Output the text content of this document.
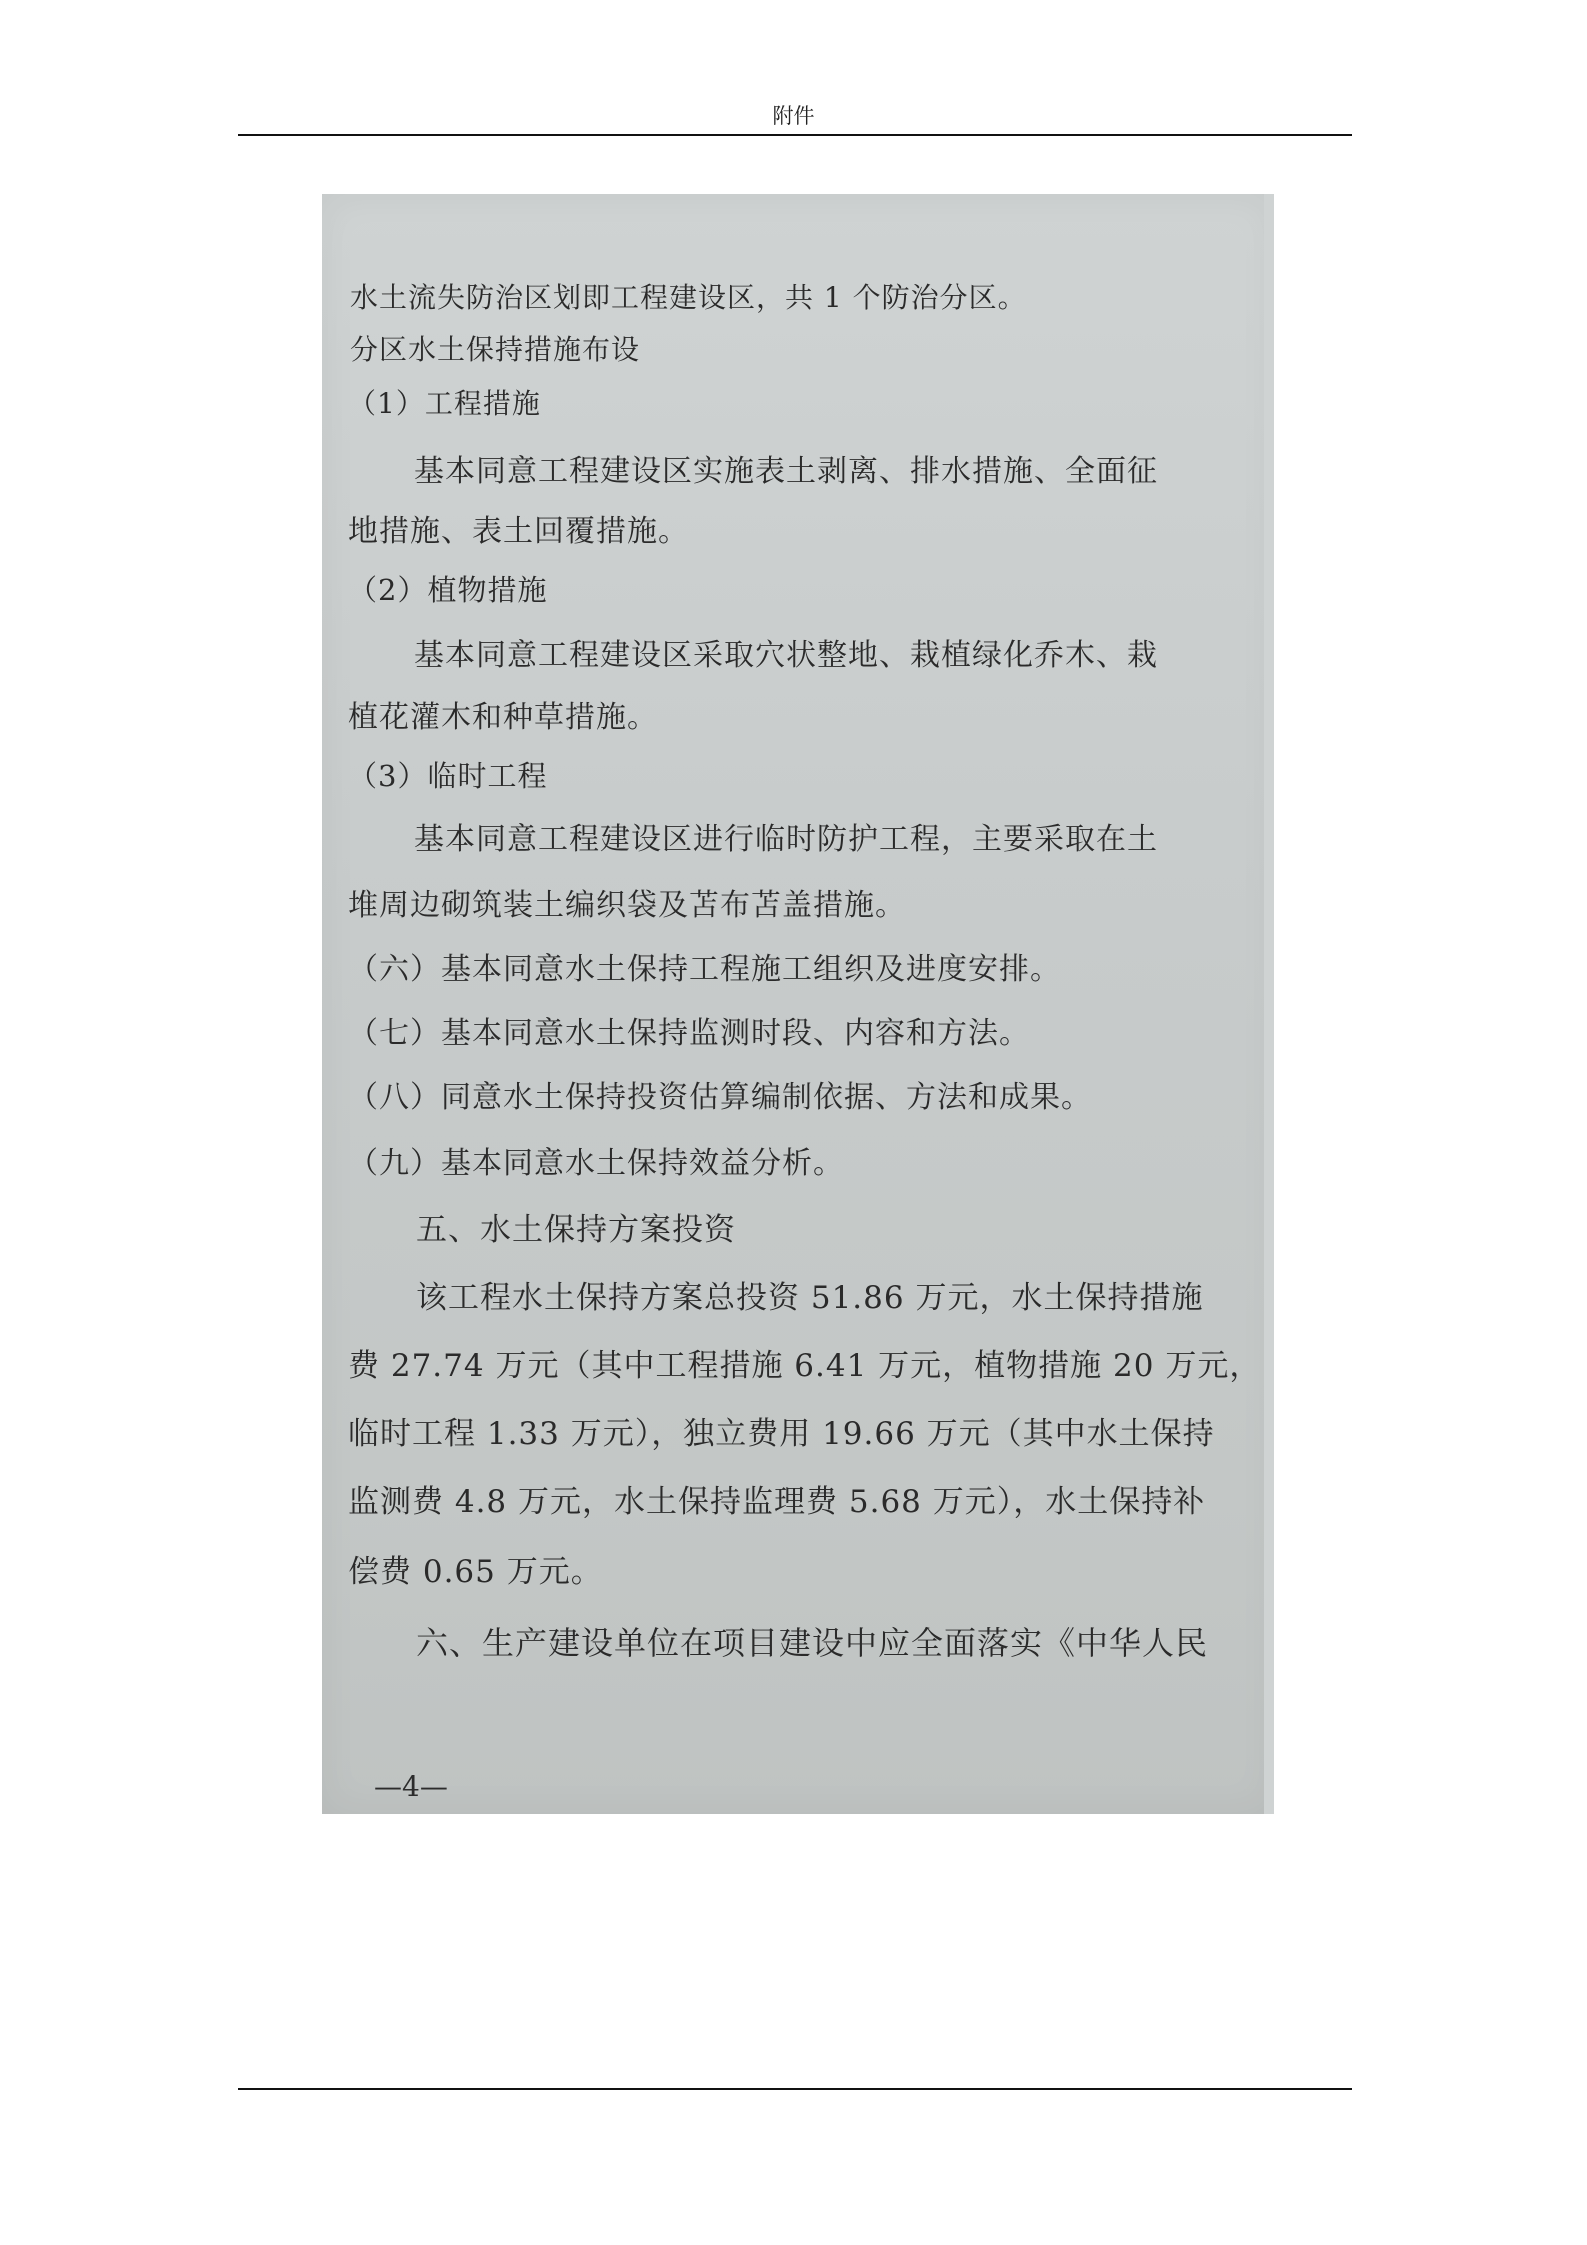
附件
水土流失防治区划即工程建设区，共 1 个防治分区。
分区水土保持措施布设
（1）工程措施
基本同意工程建设区实施表土剥离、排水措施、全面征
地措施、表土回覆措施。
（2）植物措施
基本同意工程建设区采取穴状整地、栽植绿化乔木、栽
植花灌木和种草措施。
（3）临时工程
基本同意工程建设区进行临时防护工程，主要采取在土
堆周边砌筑装土编织袋及苫布苫盖措施。
（六）基本同意水土保持工程施工组织及进度安排。
（七）基本同意水土保持监测时段、内容和方法。
（八）同意水土保持投资估算编制依据、方法和成果。
（九）基本同意水土保持效益分析。
五、水土保持方案投资
该工程水土保持方案总投资 51.86 万元，水土保持措施
费 27.74 万元（其中工程措施 6.41 万元，植物措施 20 万元，
临时工程 1.33 万元），独立费用 19.66 万元（其中水土保持
监测费 4.8 万元，水土保持监理费 5.68 万元），水土保持补
偿费 0.65 万元。
六、生产建设单位在项目建设中应全面落实《中华人民
—4—
